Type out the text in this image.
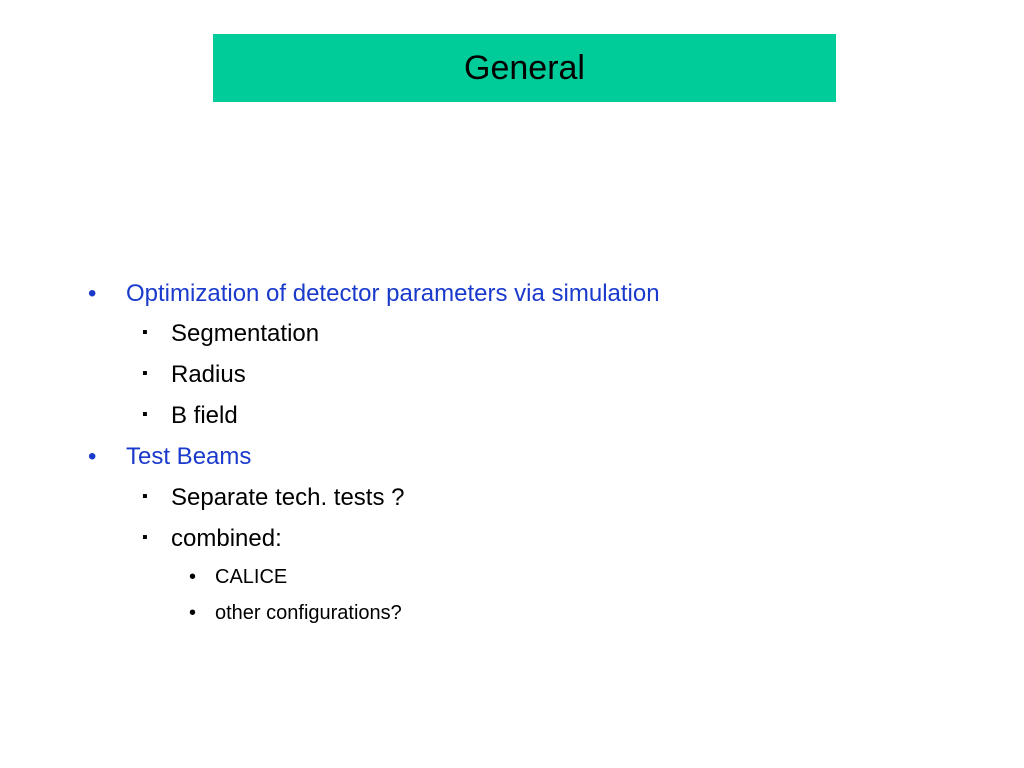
General
• Optimization of detector parameters via simulation
▪ Segmentation
▪ Radius
▪ B field
• Test Beams
▪ Separate tech. tests ?
▪ combined:
• CALICE
• other configurations?
